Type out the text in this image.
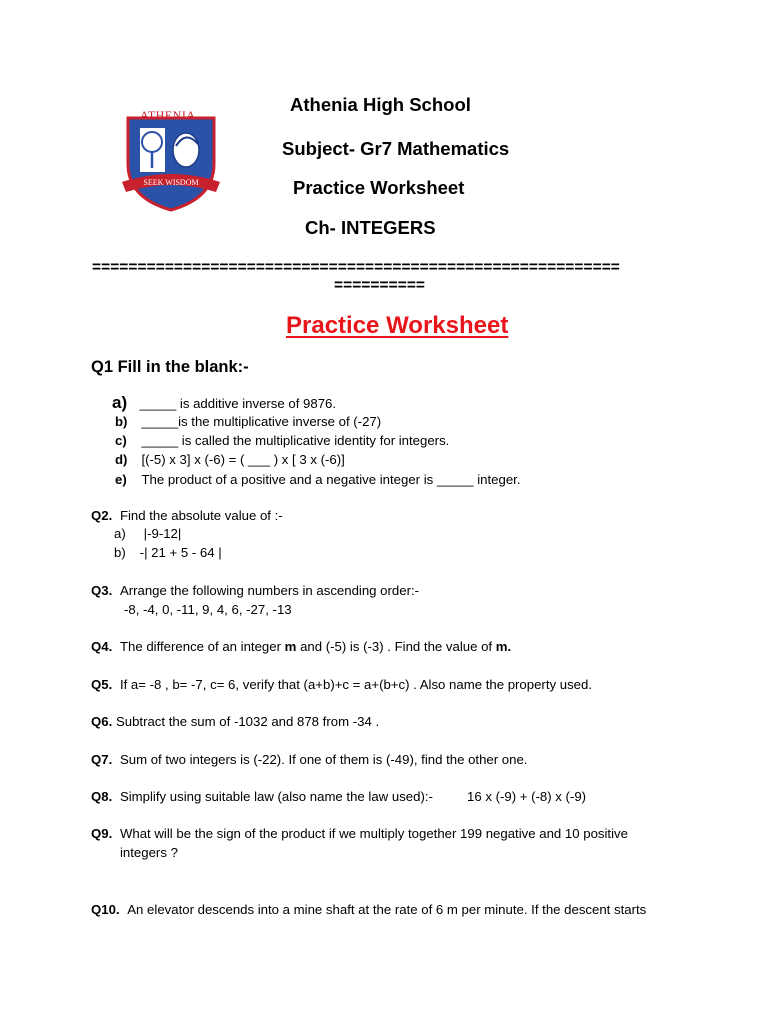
SEEK WISDOM
ATHENIA	Athenia High School
Subject- Gr7 Mathematics
Practice Worksheet
Ch- INTEGERS
==========================================================
==========
Practice Worksheet
Q1 Fill in the blank:-
a) _____ is additive inverse of 9876.
b) _____is the multiplicative inverse of (-27)
c) _____ is called the multiplicative identity for integers.
d) [(-5) x 3] x (-6) = ( ___ ) x [ 3 x (-6)]
e) The product of a positive and a negative integer is _____ integer.
Q2. Find the absolute value of :-
a) |-9-12|
b) -| 21 + 5 - 64 |
Q3. Arrange the following numbers in ascending order:-
-8, -4, 0, -11, 9, 4, 6, -27, -13
Q4. The difference of an integer m and (-5) is (-3) . Find the value of m.
Q5. If a= -8 , b= -7, c= 6, verify that (a+b)+c = a+(b+c) . Also name the property used.
Q6. Subtract the sum of -1032 and 878 from -34 .
Q7. Sum of two integers is (-22). If one of them is (-49), find the other one.
Q8. Simplify using suitable law (also name the law used):-	16 x (-9) + (-8) x (-9)
Q9. What will be the sign of the product if we multiply together 199 negative and 10 positive
integers ?
Q10. An elevator descends into a mine shaft at the rate of 6 m per minute. If the descent starts
